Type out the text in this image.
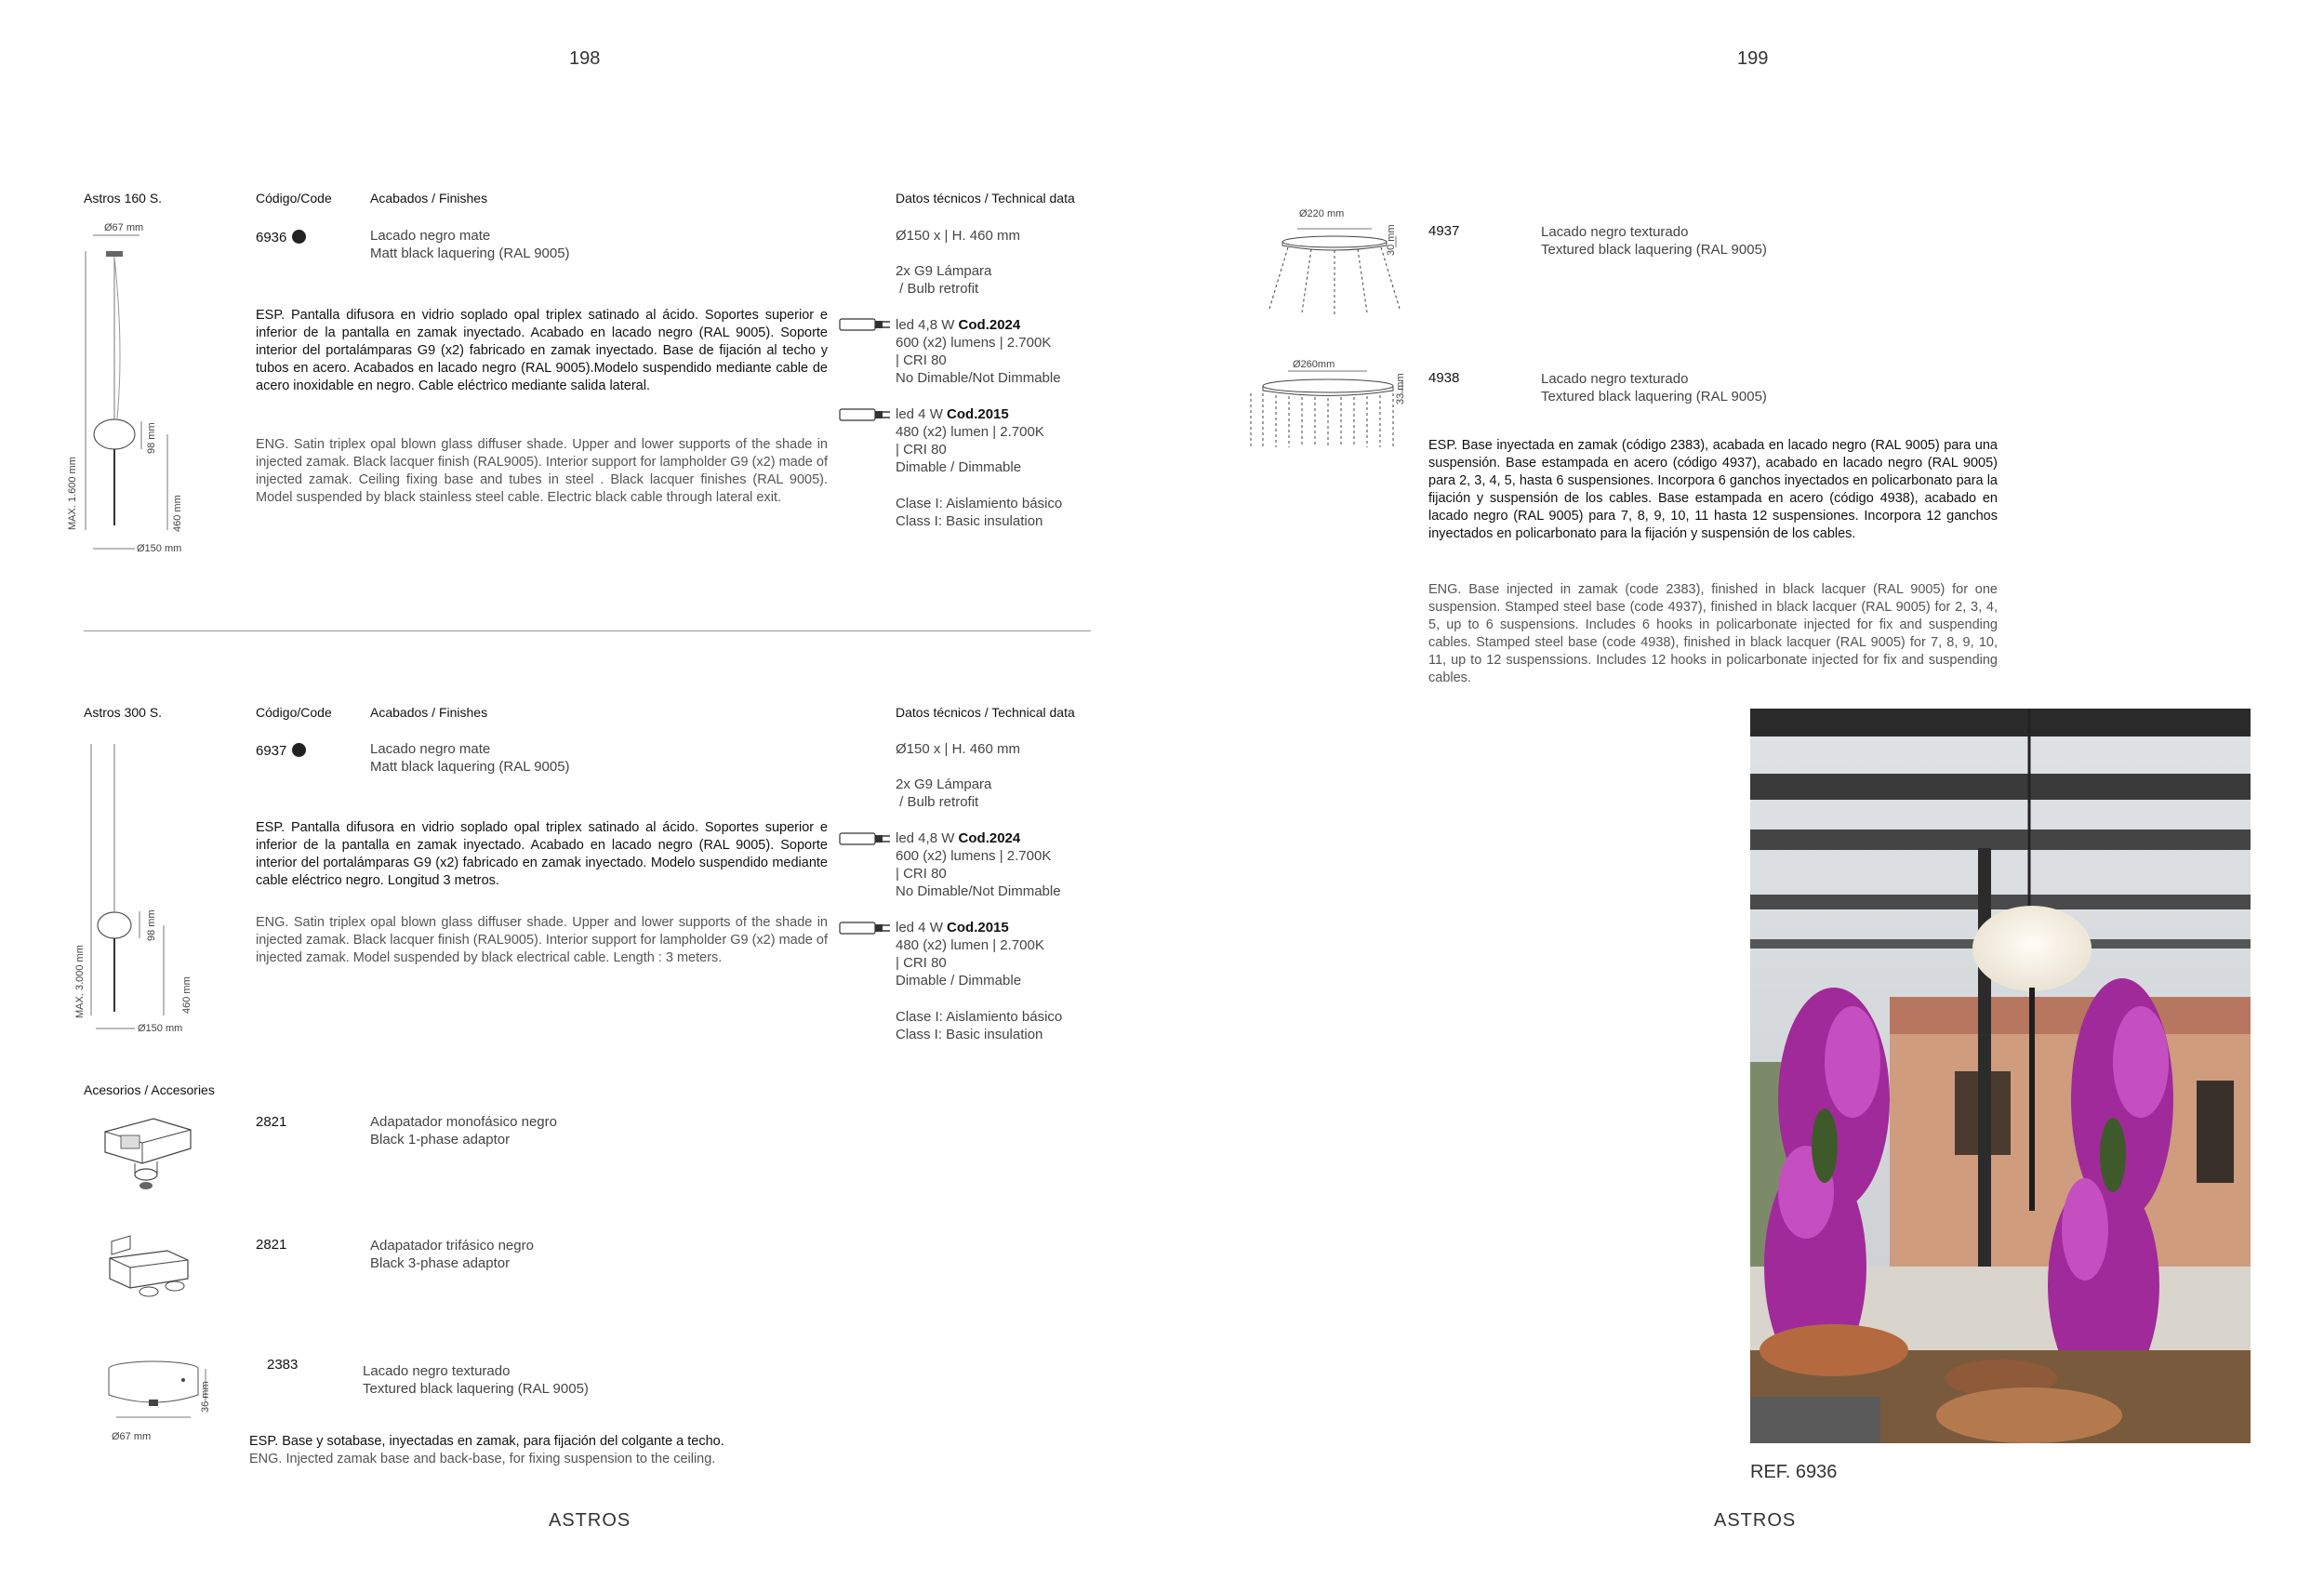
198
Astros 160 S.	Código/Code	Acabados / Finishes	Datos técnicos / Technical data
Ø67 mm
MAX. 1.600 mm
98 mm
460 mm
Ø150 mm
6936	Lacado negro mate
Matt black laquering (RAL 9005)
ESP. Pantalla difusora en vidrio soplado opal triplex satinado al ácido. Soportes superior e inferior de la pantalla en zamak inyectado. Acabado en lacado negro (RAL 9005). Soporte interior del portalámparas G9 (x2) fabricado en zamak inyectado. Base de fijación al techo y tubos en acero. Acabados en lacado negro (RAL 9005).Modelo suspendido mediante cable de acero inoxidable en negro. Cable eléctrico mediante salida lateral.
ENG. Satin triplex opal blown glass diffuser shade. Upper and lower supports of the shade in injected zamak. Black lacquer finish (RAL9005). Interior support for lampholder G9 (x2) made of injected zamak. Ceiling fixing base and tubes in steel . Black lacquer finishes (RAL 9005). Model suspended by black stainless steel cable. Electric black cable through lateral exit.
Ø150 x | H. 460 mm
2x G9 Lámpara
/ Bulb retrofit
led 4,8 W Cod.2024
600 (x2) lumens | 2.700K
| CRI 80
No Dimable/Not Dimmable
led 4 W Cod.2015
480 (x2) lumen | 2.700K
| CRI 80
Dimable / Dimmable
Clase I: Aislamiento básico
Class I: Basic insulation
Astros 300 S.	Código/Code	Acabados / Finishes	Datos técnicos / Technical data
MAX. 3.000 mm
98 mm
460 mm
Ø150 mm
6937	Lacado negro mate
Matt black laquering (RAL 9005)
ESP. Pantalla difusora en vidrio soplado opal triplex satinado al ácido. Soportes superior e inferior de la pantalla en zamak inyectado. Acabado en lacado negro (RAL 9005). Soporte interior del portalámparas G9 (x2) fabricado en zamak inyectado. Modelo suspendido mediante cable eléctrico negro. Longitud 3 metros.
ENG. Satin triplex opal blown glass diffuser shade. Upper and lower supports of the shade in injected zamak. Black lacquer finish (RAL9005). Interior support for lampholder G9 (x2) made of injected zamak. Model suspended by black electrical cable. Length : 3 meters.
Ø150 x | H. 460 mm
2x G9 Lámpara
/ Bulb retrofit
led 4,8 W Cod.2024
600 (x2) lumens | 2.700K
| CRI 80
No Dimable/Not Dimmable
led 4 W Cod.2015
480 (x2) lumen | 2.700K
| CRI 80
Dimable / Dimmable
Clase I: Aislamiento básico
Class I: Basic insulation
Acesorios / Accesories
2821	Adapatador monofásico negro
Black 1-phase adaptor
2821	Adapatador trifásico negro
Black 3-phase adaptor
36 mm
Ø67 mm
2383	Lacado negro texturado
Textured black laquering (RAL 9005)
ESP. Base y sotabase, inyectadas en zamak, para fijación del colgante a techo.
ENG. Injected zamak base and back-base, for fixing suspension to the ceiling.
ASTROS
199
Ø220 mm
30 mm 4937	Lacado negro texturado
Textured black laquering (RAL 9005)
Ø260mm
33 mm 4938	Lacado negro texturado
Textured black laquering (RAL 9005)
ESP. Base inyectada en zamak (código 2383), acabada en lacado negro (RAL 9005) para una suspensión. Base estampada en acero (código 4937), acabado en lacado negro (RAL 9005) para 2, 3, 4, 5, hasta 6 suspensiones. Incorpora 6 ganchos inyectados en policarbonato para la fijación y suspensión de los cables. Base estampada en acero (código 4938), acabado en lacado negro (RAL 9005) para 7, 8, 9, 10, 11 hasta 12 suspensiones. Incorpora 12 ganchos inyectados en policarbonato para la fijación y suspensión de los cables.
ENG. Base injected in zamak (code 2383), finished in black lacquer (RAL 9005) for one suspension. Stamped steel base (code 4937), finished in black lacquer (RAL 9005) for 2, 3, 4, 5, up to 6 suspensions. Includes 6 hooks in policarbonate injected for fix and suspending cables. Stamped steel base (code 4938), finished in black lacquer (RAL 9005) for 7, 8, 9, 10, 11, up to 12 suspenssions. Includes 12 hooks in policarbonate injected for fix and suspending cables.
REF. 6936
ASTROS
